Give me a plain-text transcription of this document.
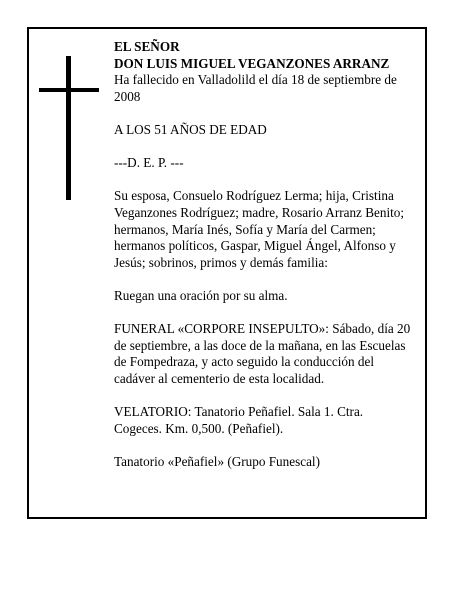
EL SEÑOR
DON LUIS MIGUEL VEGANZONES ARRANZ

Ha fallecido en Valladolild el día 18 de septiembre de 2008

A LOS 51 AÑOS DE EDAD

---D. E. P. ---

Su esposa, Consuelo Rodríguez Lerma; hija, Cristina Veganzones Rodríguez; madre, Rosario Arranz Benito; hermanos, María Inés, Sofía y María del Carmen; hermanos políticos, Gaspar, Miguel Ángel, Alfonso y Jesús; sobrinos, primos y demás familia:

Ruegan una oración por su alma.

FUNERAL «CORPORE INSEPULTO»: Sábado, día 20 de septiembre, a las doce de la mañana, en las Escuelas de Fompedraza, y acto seguido la conducción del cadáver al cementerio de esta localidad.

VELATORIO: Tanatorio Peñafiel. Sala 1. Ctra. Cogeces. Km. 0,500. (Peñafiel).

Tanatorio «Peñafiel» (Grupo Funescal)
